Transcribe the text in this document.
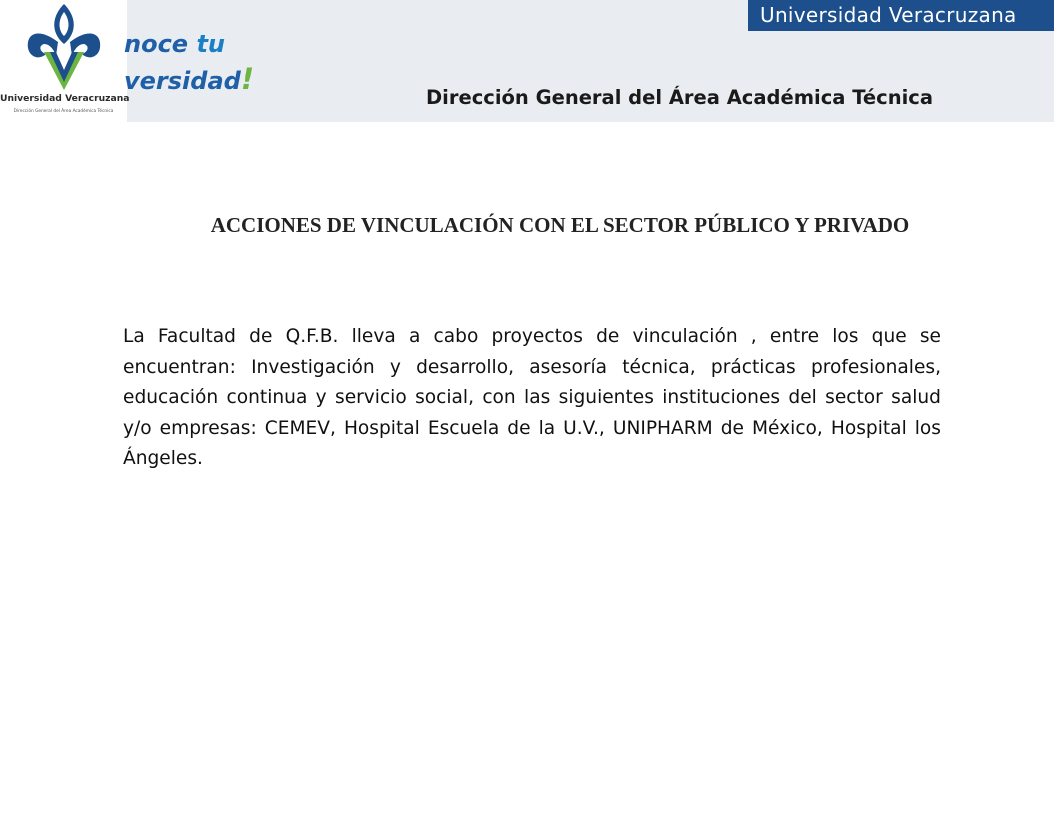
Universidad Veracruzana
Dirección General del Área Académica Técnica
noce tu
versidad!
Universidad Veracruzana
Dirección General del Área Académica Técnica
ACCIONES DE VINCULACIÓN CON EL SECTOR PÚBLICO Y PRIVADO
La Facultad de Q.F.B. lleva a cabo proyectos de vinculación , entre los que se encuentran: Investigación y desarrollo, asesoría técnica, prácticas profesionales, educación continua y servicio social, con las siguientes instituciones del sector salud y/o empresas: CEMEV, Hospital Escuela de la U.V., UNIPHARM de México, Hospital los Ángeles.
